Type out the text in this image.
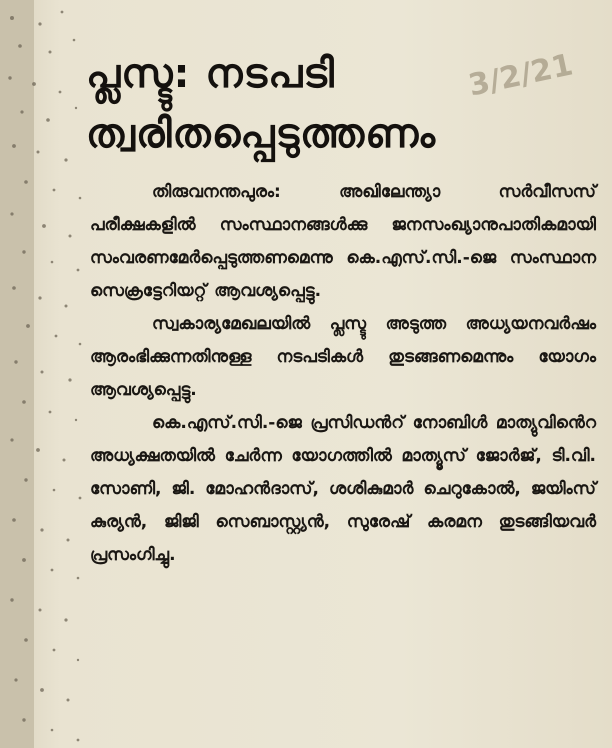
പ്ലസ്ടു: നടപടി
ത്വരിതപ്പെടുത്തണം
3/2/21

തിരുവനന്തപുരം: അഖിലേന്ത്യാ സർവീസസ് പരീക്ഷകളിൽ സംസ്ഥാനങ്ങൾക്കു ജനസംഖ്യാനുപാതികമായി സംവരണമേർപ്പെടുത്തണമെന്നു കെ.എസ്.സി.-ജെ സംസ്ഥാന സെക്രട്ടേറിയറ്റ് ആവശ്യപ്പെട്ടു.

സ്വകാര്യമേഖലയിൽ പ്ലസ്ടു അടുത്ത അധ്യയനവർഷം ആരംഭിക്കുന്നതിനുള്ള നടപടികൾ തുടങ്ങണമെന്നും യോഗം ആവശ്യപ്പെട്ടു.

കെ.എസ്.സി.-ജെ പ്രസിഡൻറ് നോബിൾ മാത്യുവിൻെറ അധ്യക്ഷതയിൽ ചേർന്ന യോഗത്തിൽ മാത്യൂസ് ജോർജ്, ടി.വി. സോണി, ജി. മോഹൻദാസ്, ശശികുമാർ ചെറുകോൽ, ജയിംസ് കുര്യൻ, ജിജി സെബാസ്റ്റ്യൻ, സുരേഷ് കരമന തുടങ്ങിയവർ പ്രസംഗിച്ചു.
